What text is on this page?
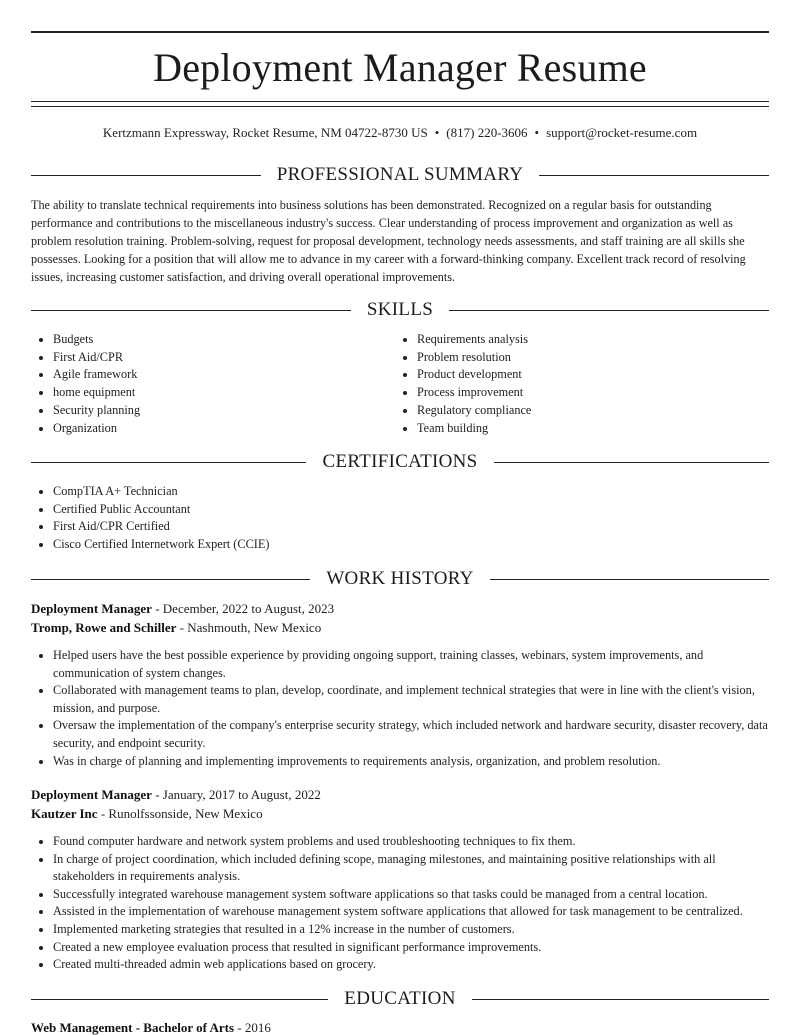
Deployment Manager Resume
Kertzmann Expressway, Rocket Resume, NM 04722-8730 US • (817) 220-3606 • support@rocket-resume.com
PROFESSIONAL SUMMARY

The ability to translate technical requirements into business solutions has been demonstrated. Recognized on a regular basis for outstanding performance and contributions to the miscellaneous industry's success. Clear understanding of process improvement and organization as well as problem resolution training. Problem-solving, request for proposal development, technology needs assessments, and staff training are all skills she possesses. Looking for a position that will allow me to advance in my career with a forward-thinking company. Excellent track record of resolving issues, increasing customer satisfaction, and driving overall operational improvements.

SKILLS
• Budgets
• First Aid/CPR
• Agile framework
• home equipment
• Security planning
• Organization
• Requirements analysis
• Problem resolution
• Product development
• Process improvement
• Regulatory compliance
• Team building
CERTIFICATIONS
• CompTIA A+ Technician
• Certified Public Accountant
• First Aid/CPR Certified
• Cisco Certified Internetwork Expert (CCIE)
WORK HISTORY
Deployment Manager - December, 2022 to August, 2023
Tromp, Rowe and Schiller - Nashmouth, New Mexico
• Helped users have the best possible experience by providing ongoing support, training classes, webinars, system improvements, and communication of system changes.
• Collaborated with management teams to plan, develop, coordinate, and implement technical strategies that were in line with the client's vision, mission, and purpose.
• Oversaw the implementation of the company's enterprise security strategy, which included network and hardware security, disaster recovery, data security, and endpoint security.
• Was in charge of planning and implementing improvements to requirements analysis, organization, and problem resolution.
Deployment Manager - January, 2017 to August, 2022
Kautzer Inc - Runolfssonside, New Mexico
• Found computer hardware and network system problems and used troubleshooting techniques to fix them.
• In charge of project coordination, which included defining scope, managing milestones, and maintaining positive relationships with all stakeholders in requirements analysis.
• Successfully integrated warehouse management system software applications so that tasks could be managed from a central location.
• Assisted in the implementation of warehouse management system software applications that allowed for task management to be centralized.
• Implemented marketing strategies that resulted in a 12% increase in the number of customers.
• Created a new employee evaluation process that resulted in significant performance improvements.
• Created multi-threaded admin web applications based on grocery.
EDUCATION
Web Management - Bachelor of Arts - 2016
